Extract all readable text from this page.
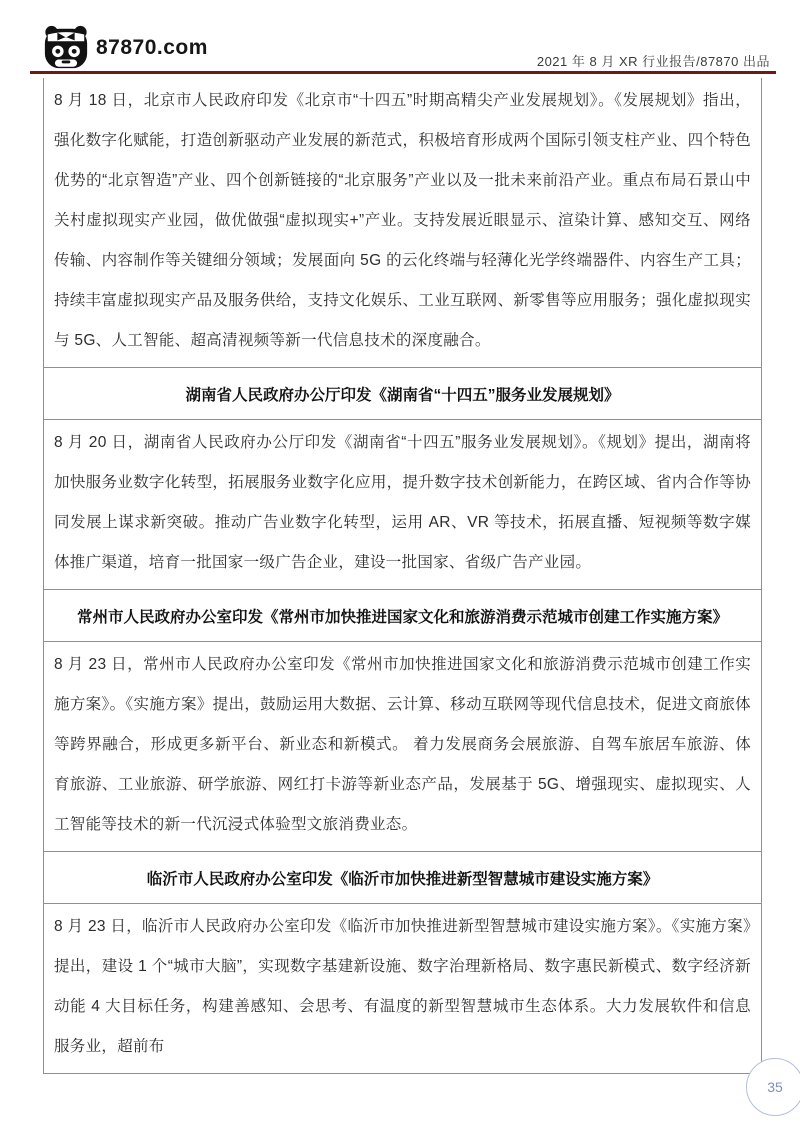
87870.com
2021 年 8 月 XR 行业报告/87870 出品
8 月 18 日，北京市人民政府印发《北京市“十四五”时期高精尖产业发展规划》。《发展规划》指出，强化数字化赋能，打造创新驱动产业发展的新范式，积极培育形成两个国际引领支柱产业、四个特色优势的“北京智造”产业、四个创新链接的“北京服务”产业以及一批未来前沿产业。重点布局石景山中关村虚拟现实产业园，做优做强“虚拟现实+”产业。支持发展近眼显示、渲染计算、感知交互、网络传输、内容制作等关键细分领域；发展面向 5G 的云化终端与轻薄化光学终端器件、内容生产工具；持续丰富虚拟现实产品及服务供给，支持文化娱乐、工业互联网、新零售等应用服务；强化虚拟现实与 5G、人工智能、超高清视频等新一代信息技术的深度融合。
湖南省人民政府办公厅印发《湖南省“十四五”服务业发展规划》
8 月 20 日，湖南省人民政府办公厅印发《湖南省“十四五”服务业发展规划》。《规划》提出，湖南将加快服务业数字化转型，拓展服务业数字化应用，提升数字技术创新能力，在跨区域、省内合作等协同发展上谋求新突破。推动广告业数字化转型，运用 AR、VR 等技术，拓展直播、短视频等数字媒体推广渠道，培育一批国家一级广告企业，建设一批国家、省级广告产业园。
常州市人民政府办公室印发《常州市加快推进国家文化和旅游消费示范城市创建工作实施方案》
8 月 23 日，常州市人民政府办公室印发《常州市加快推进国家文化和旅游消费示范城市创建工作实施方案》。《实施方案》提出，鼓励运用大数据、云计算、移动互联网等现代信息技术，促进文商旅体等跨界融合，形成更多新平台、新业态和新模式。 着力发展商务会展旅游、自驾车旅居车旅游、体育旅游、工业旅游、研学旅游、网红打卡游等新业态产品，发展基于 5G、增强现实、虚拟现实、人工智能等技术的新一代沉浸式体验型文旅消费业态。
临沂市人民政府办公室印发《临沂市加快推进新型智慧城市建设实施方案》
8 月 23 日，临沂市人民政府办公室印发《临沂市加快推进新型智慧城市建设实施方案》。《实施方案》提出，建设 1 个“城市大脑”，实现数字基建新设施、数字治理新格局、数字惠民新模式、数字经济新动能 4 大目标任务，构建善感知、会思考、有温度的新型智慧城市生态体系。大力发展软件和信息服务业，超前布
35
